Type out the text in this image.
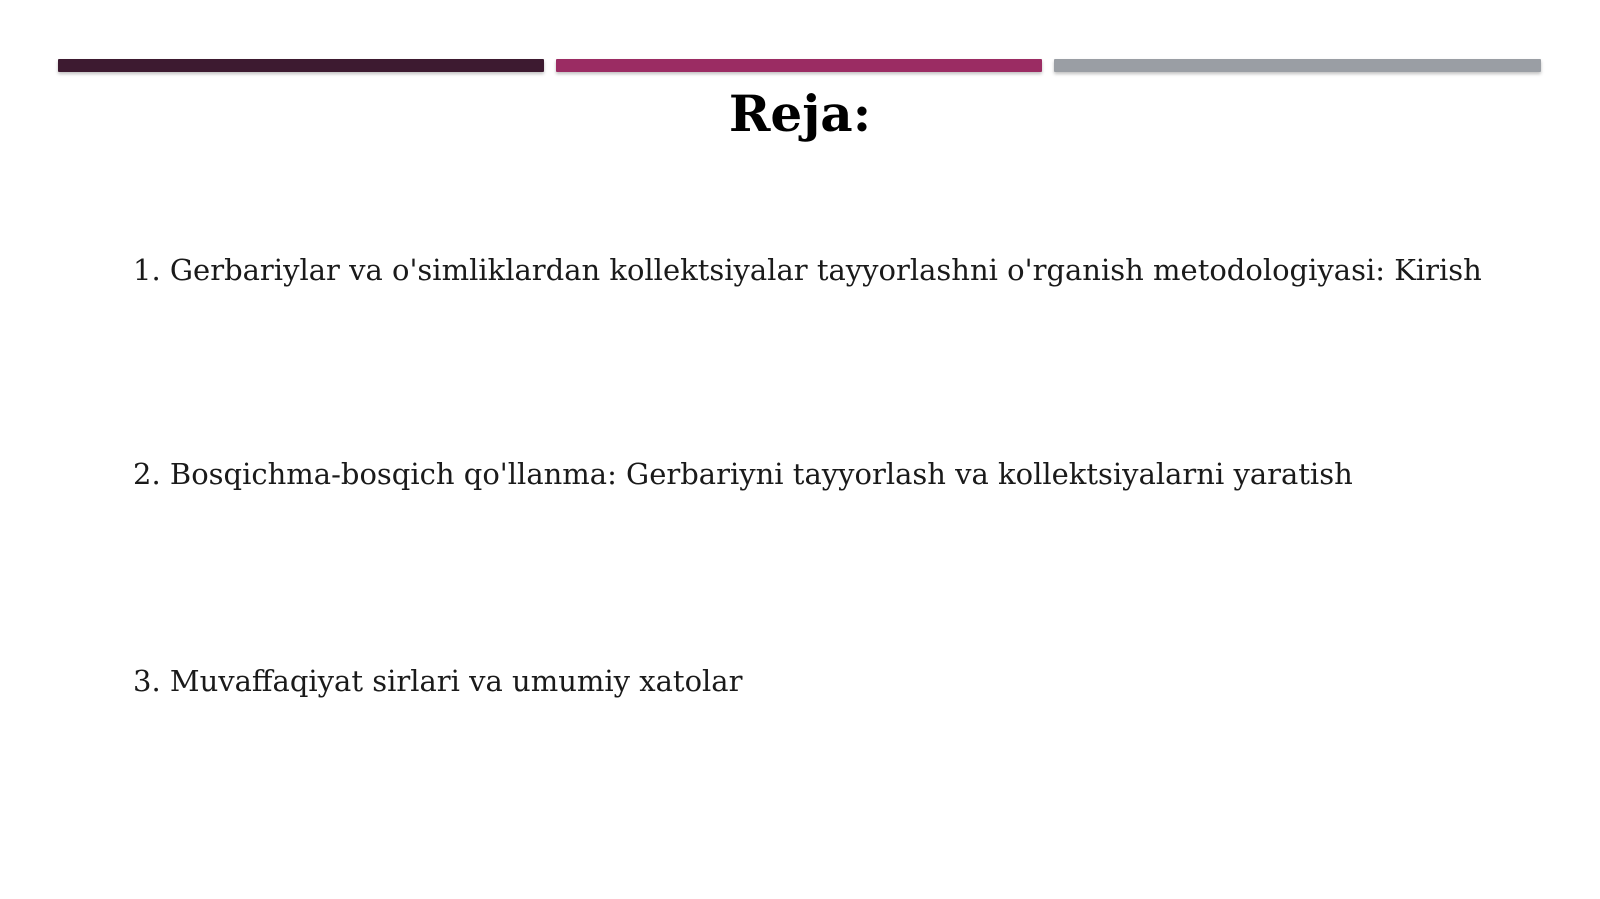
Reja:
1. Gerbariylar va o'simliklardan kollektsiyalar tayyorlashni o'rganish metodologiyasi: Kirish
2. Bosqichma-bosqich qo'llanma: Gerbariyni tayyorlash va kollektsiyalarni yaratish
3. Muvaffaqiyat sirlari va umumiy xatolar
